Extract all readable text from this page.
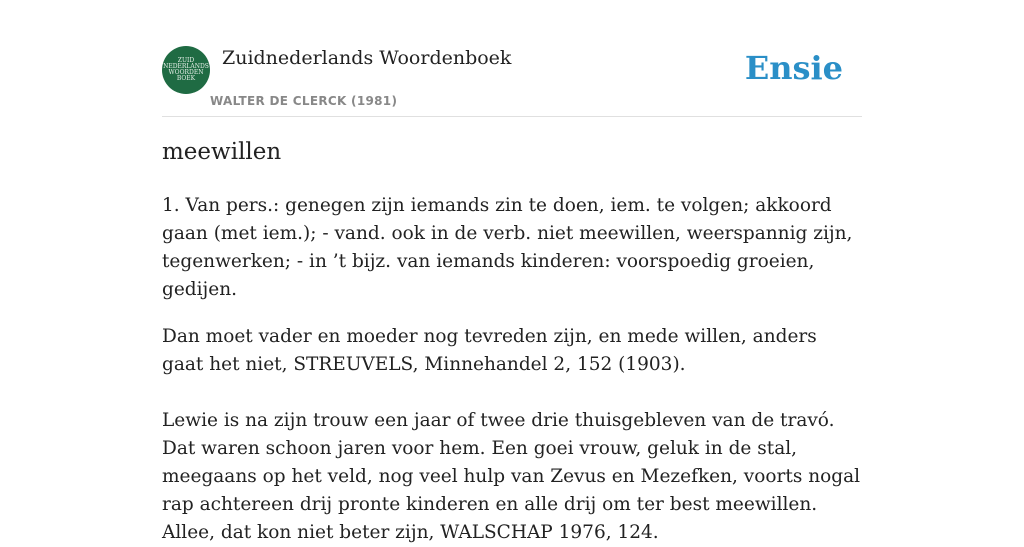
ZUID
NEDERLANDS
WOORDEN
BOEK
Zuidnederlands Woordenboek
WALTER DE CLERCK (1981)
Ensie
meewillen

1. Van pers.: genegen zijn iemands zin te doen, iem. te volgen; akkoord gaan (met iem.); - vand. ook in de verb. niet meewillen, weerspannig zijn, tegenwerken; - in ’t bijz. van iemands kinderen: voorspoedig groeien, gedijen.

Dan moet vader en moeder nog tevreden zijn, en mede willen, anders gaat het niet, STREUVELS, Minnehandel 2, 152 (1903).

Lewie is na zijn trouw een jaar of twee drie thuisgebleven van de travó. Dat waren schoon jaren voor hem. Een goei vrouw, geluk in de stal, meegaans op het veld, nog veel hulp van Zevus en Mezefken, voorts nogal rap achtereen drij pronte kinderen en alle drij om ter best meewillen. Allee, dat kon niet beter zijn, WALSCHAP 1976, 124.
